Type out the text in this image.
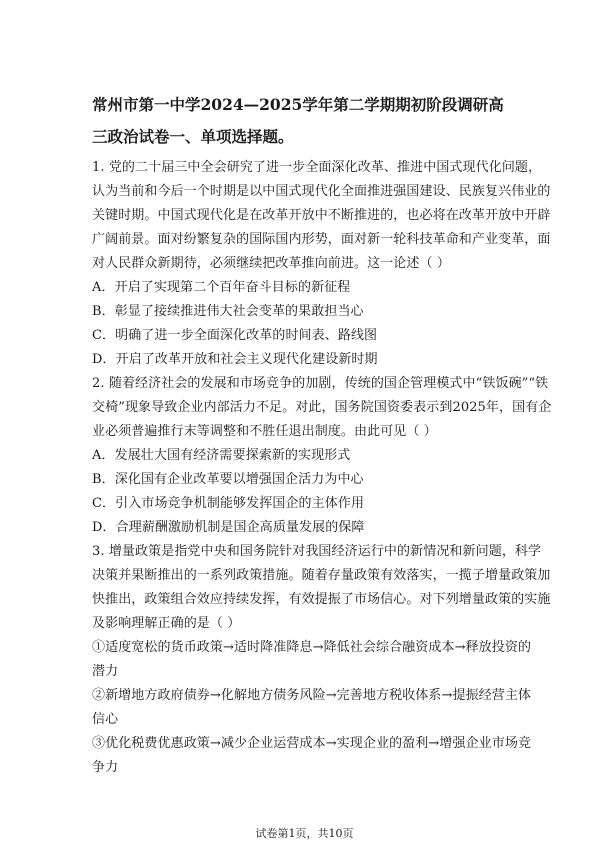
常州市第一中学2024—2025学年第二学期期初阶段调研高
三政治试卷一、单项选择题。
1. 党的二十届三中全会研究了进一步全面深化改革、推进中国式现代化问题，
认为当前和今后一个时期是以中国式现代化全面推进强国建设、民族复兴伟业的
关键时期。中国式现代化是在改革开放中不断推进的，也必将在改革开放中开辟
广阔前景。面对纷繁复杂的国际国内形势，面对新一轮科技革命和产业变革，面
对人民群众新期待，必须继续把改革推向前进。这一论述（ ）
A．开启了实现第二个百年奋斗目标的新征程
B．彰显了接续推进伟大社会变革的果敢担当心
C．明确了进一步全面深化改革的时间表、路线图
D．开启了改革开放和社会主义现代化建设新时期
2. 随着经济社会的发展和市场竞争的加剧，传统的国企管理模式中“铁饭碗”“铁
交椅”现象导致企业内部活力不足。对此，国务院国资委表示到2025年，国有企
业必须普遍推行末等调整和不胜任退出制度。由此可见（ ）
A．发展壮大国有经济需要探索新的实现形式
B．深化国有企业改革要以增强国企活力为中心
C．引入市场竞争机制能够发挥国企的主体作用
D．合理薪酬激励机制是国企高质量发展的保障
3. 增量政策是指党中央和国务院针对我国经济运行中的新情况和新问题，科学
决策并果断推出的一系列政策措施。随着存量政策有效落实，一揽子增量政策加
快推出，政策组合效应持续发挥，有效提振了市场信心。对下列增量政策的实施
及影响理解正确的是（ ）
①适度宽松的货币政策→适时降准降息→降低社会综合融资成本→释放投资的
潜力
②新增地方政府债券→化解地方债务风险→完善地方税收体系→提振经营主体
信心
③优化税费优惠政策→减少企业运营成本→实现企业的盈利→增强企业市场竞
争力
试卷第1页，共10页
